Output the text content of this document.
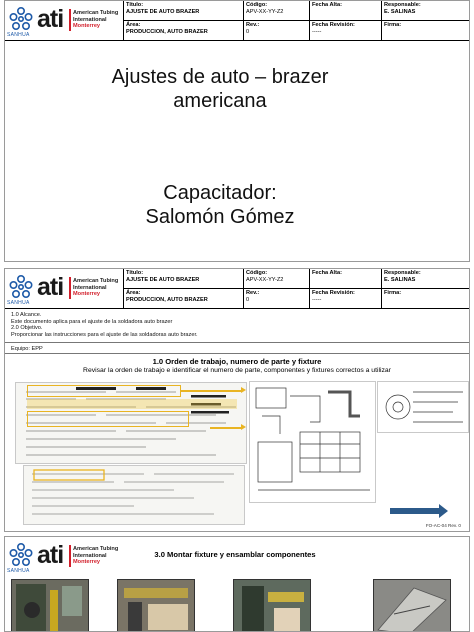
SANHUA
ati American Tubing
International
Monterrey
Título:
AJUSTE DE AUTO BRAZER
Área:
PRODUCCION, AUTO BRAZER
Código:
APV-XX-YY-Z2
Rev.:
0
Fecha Alta:
Fecha Revisión:
-----
Responsable:
E. SALINAS
Firma:
Ajustes de auto – brazer
americana
Capacitador:
Salomón Gómez
SANHUA
ati American Tubing
International
Monterrey
Título:
AJUSTE DE AUTO BRAZER
Área:
PRODUCCION, AUTO BRAZER
Código:
APV-XX-YY-Z2
Rev.:
0
Fecha Alta:
Fecha Revisión:
-----
Responsable:
E. SALINAS
Firma:
1.0 Alcance.
Este documento aplica para el ajuste de la soldadora auto brazer
2.0 Objetivo.
Proporcionar las instrucciones para el ajuste de las soldadoras auto brazer.
Equipo: EPP
1.0 Orden de trabajo, numero de parte y fixture
Revisar la orden de trabajo e identificar el numero de parte, componentes y fixtures correctos a utilizar
FO-AC-04 Rev. 0
SANHUA
ati American Tubing
International
Monterrey
3.0 Montar fixture y ensamblar componentes
